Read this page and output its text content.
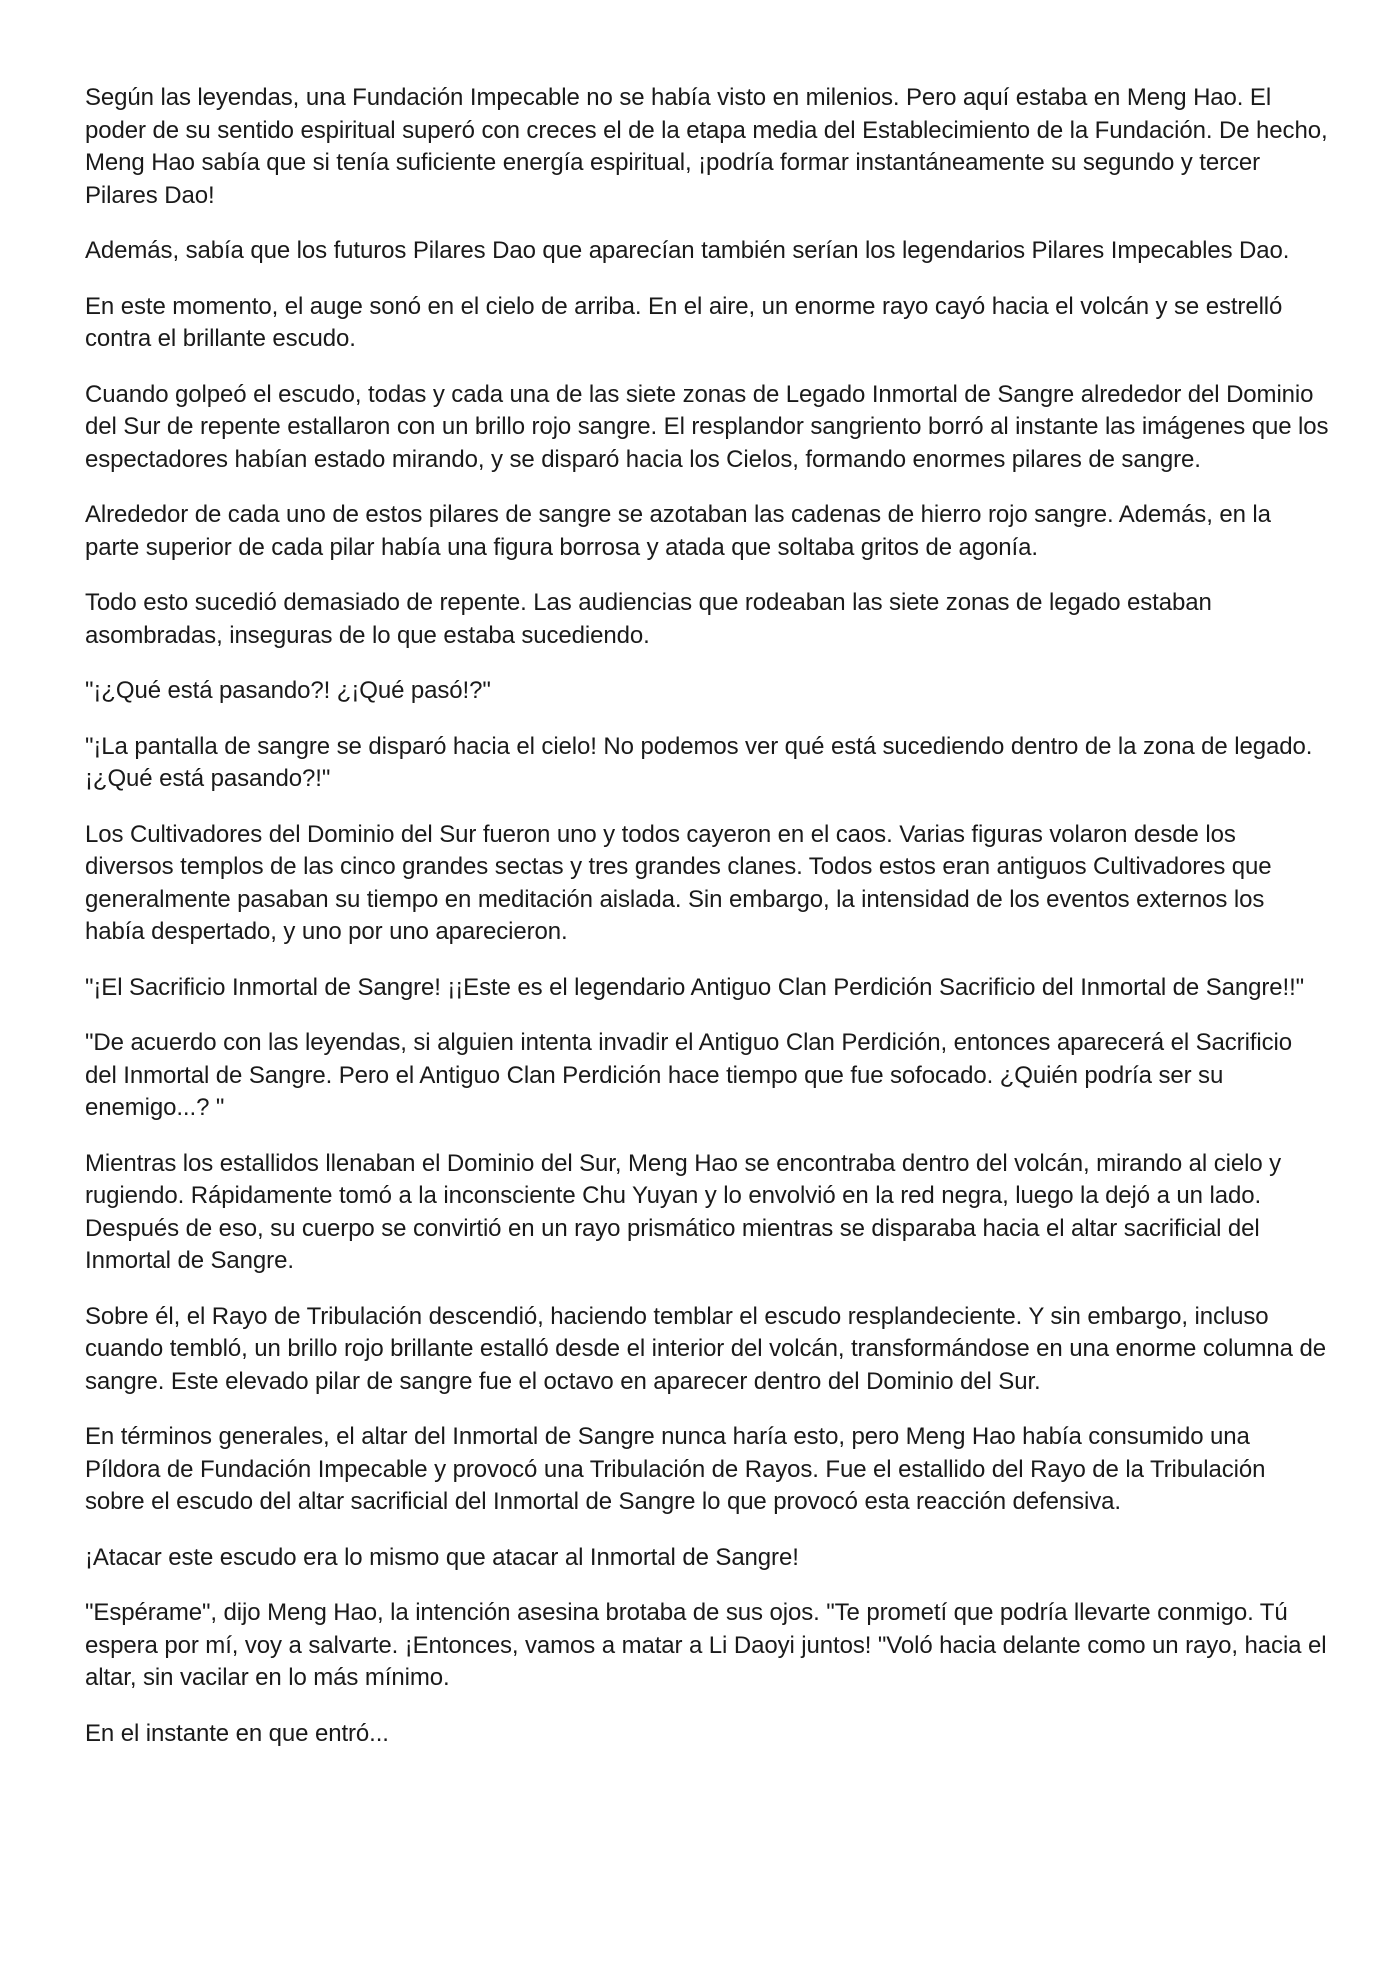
Según las leyendas, una Fundación Impecable no se había visto en milenios. Pero aquí estaba en Meng Hao. El poder de su sentido espiritual superó con creces el de la etapa media del Establecimiento de la Fundación. De hecho, Meng Hao sabía que si tenía suficiente energía espiritual, ¡podría formar instantáneamente su segundo y tercer Pilares Dao!

Además, sabía que los futuros Pilares Dao que aparecían también serían los legendarios Pilares Impecables Dao.

En este momento, el auge sonó en el cielo de arriba. En el aire, un enorme rayo cayó hacia el volcán y se estrelló contra el brillante escudo.

Cuando golpeó el escudo, todas y cada una de las siete zonas de Legado Inmortal de Sangre alrededor del Dominio del Sur de repente estallaron con un brillo rojo sangre. El resplandor sangriento borró al instante las imágenes que los espectadores habían estado mirando, y se disparó hacia los Cielos, formando enormes pilares de sangre.

Alrededor de cada uno de estos pilares de sangre se azotaban las cadenas de hierro rojo sangre. Además, en la parte superior de cada pilar había una figura borrosa y atada que soltaba gritos de agonía.

Todo esto sucedió demasiado de repente. Las audiencias que rodeaban las siete zonas de legado estaban asombradas, inseguras de lo que estaba sucediendo.

"¡¿Qué está pasando?! ¿¡Qué pasó!?"

"¡La pantalla de sangre se disparó hacia el cielo! No podemos ver qué está sucediendo dentro de la zona de legado. ¡¿Qué está pasando?!"

Los Cultivadores del Dominio del Sur fueron uno y todos cayeron en el caos. Varias figuras volaron desde los diversos templos de las cinco grandes sectas y tres grandes clanes. Todos estos eran antiguos Cultivadores que generalmente pasaban su tiempo en meditación aislada. Sin embargo, la intensidad de los eventos externos los había despertado, y uno por uno aparecieron.

"¡El Sacrificio Inmortal de Sangre! ¡¡Este es el legendario Antiguo Clan Perdición Sacrificio del Inmortal de Sangre!!"

"De acuerdo con las leyendas, si alguien intenta invadir el Antiguo Clan Perdición, entonces aparecerá el Sacrificio del Inmortal de Sangre. Pero el Antiguo Clan Perdición hace tiempo que fue sofocado. ¿Quién podría ser su enemigo...? "

Mientras los estallidos llenaban el Dominio del Sur, Meng Hao se encontraba dentro del volcán, mirando al cielo y rugiendo. Rápidamente tomó a la inconsciente Chu Yuyan y lo envolvió en la red negra, luego la dejó a un lado. Después de eso, su cuerpo se convirtió en un rayo prismático mientras se disparaba hacia el altar sacrificial del Inmortal de Sangre.

Sobre él, el Rayo de Tribulación descendió, haciendo temblar el escudo resplandeciente. Y sin embargo, incluso cuando tembló, un brillo rojo brillante estalló desde el interior del volcán, transformándose en una enorme columna de sangre. Este elevado pilar de sangre fue el octavo en aparecer dentro del Dominio del Sur.

En términos generales, el altar del Inmortal de Sangre nunca haría esto, pero Meng Hao había consumido una Píldora de Fundación Impecable y provocó una Tribulación de Rayos. Fue el estallido del Rayo de la Tribulación sobre el escudo del altar sacrificial del Inmortal de Sangre lo que provocó esta reacción defensiva.

¡Atacar este escudo era lo mismo que atacar al Inmortal de Sangre!

"Espérame", dijo Meng Hao, la intención asesina brotaba de sus ojos. "Te prometí que podría llevarte conmigo. Tú espera por mí, voy a salvarte. ¡Entonces, vamos a matar a Li Daoyi juntos! "Voló hacia delante como un rayo, hacia el altar, sin vacilar en lo más mínimo.

En el instante en que entró...
